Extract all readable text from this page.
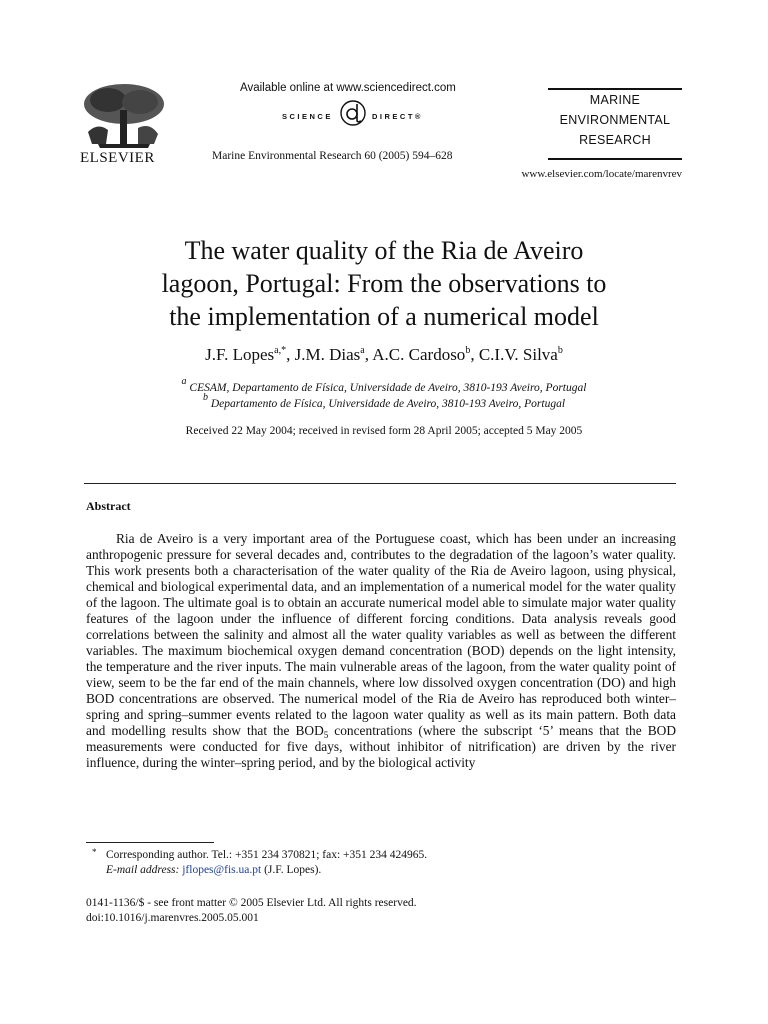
ELSEVIER
Available online at www.sciencedirect.com
SCIENCE	DIRECT®
Marine Environmental Research 60 (2005) 594–628
MARINE
ENVIRONMENTAL
RESEARCH
www.elsevier.com/locate/marenvrev
The water quality of the Ria de Aveiro
lagoon, Portugal: From the observations to
the implementation of a numerical model
J.F. Lopes$^{a,*}$, J.M. Dias$^a$, A.C. Cardoso$^b$, C.I.V. Silva$^b$
$^a$ CESAM, Departamento de Física, Universidade de Aveiro, 3810-193 Aveiro, Portugal
$^b$ Departamento de Física, Universidade de Aveiro, 3810-193 Aveiro, Portugal
Received 22 May 2004; received in revised form 28 April 2005; accepted 5 May 2005
Abstract
Ria de Aveiro is a very important area of the Portuguese coast, which has been under an increasing anthropogenic pressure for several decades and, contributes to the degradation of the lagoon’s water quality. This work presents both a characterisation of the water quality of the Ria de Aveiro lagoon, using physical, chemical and biological experimental data, and an implementation of a numerical model for the water quality of the lagoon. The ultimate goal is to obtain an accurate numerical model able to simulate major water quality features of the lagoon under the influence of different forcing conditions. Data analysis reveals good correlations between the salinity and almost all the water quality variables as well as between the different variables. The maximum biochemical oxygen demand concentration (BOD) depends on the light intensity, the temperature and the river inputs. The main vulnerable areas of the lagoon, from the water quality point of view, seem to be the far end of the main channels, where low dissolved oxygen concentration (DO) and high BOD concentrations are observed. The numerical model of the Ria de Aveiro has reproduced both winter–spring and spring–summer events related to the lagoon water quality as well as its main pattern. Both data and modelling results show that the $BOD_5$ concentrations (where the subscript ‘5’ means that the BOD measurements were conducted for five days, without inhibitor of nitrification) are driven by the river influence, during the winter–spring period, and by the biological activity
* Corresponding author. Tel.: +351 234 370821; fax: +351 234 424965.
E-mail address: jflopes@fis.ua.pt (J.F. Lopes).
0141-1136/$ - see front matter © 2005 Elsevier Ltd. All rights reserved.
doi:10.1016/j.marenvres.2005.05.001
